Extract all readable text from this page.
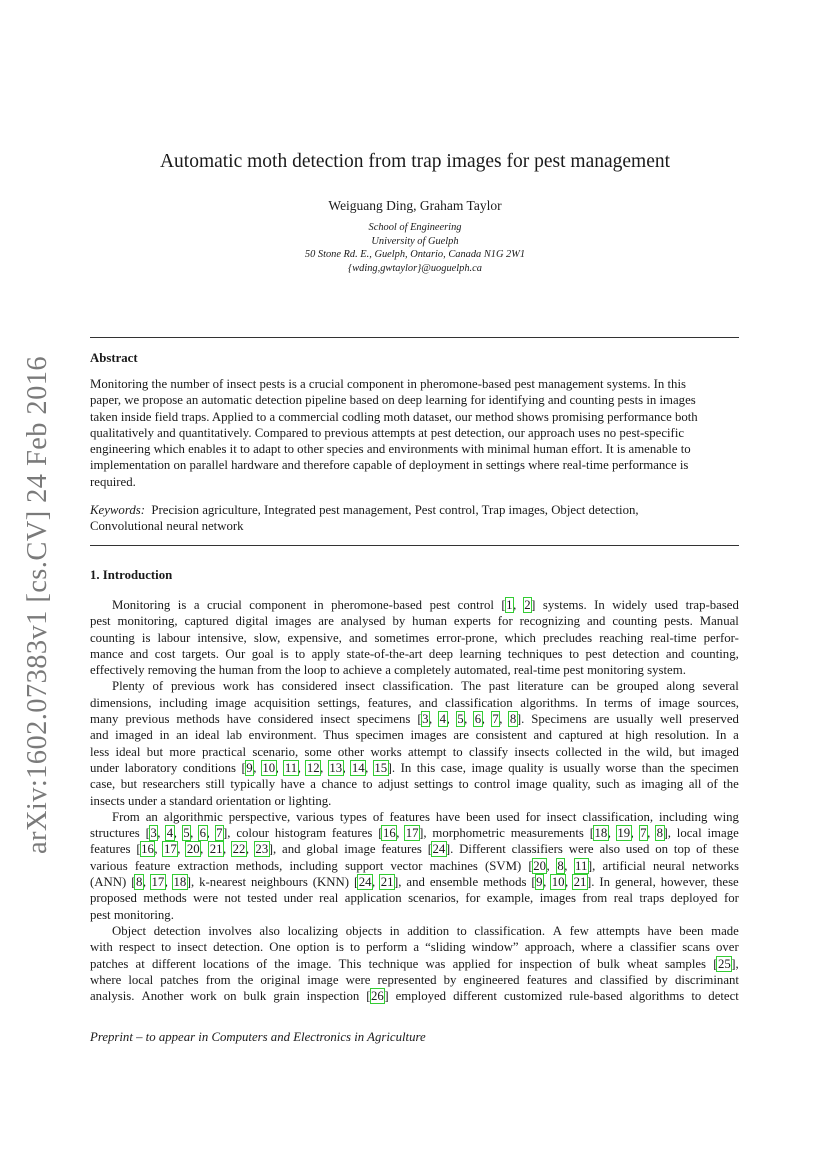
arXiv:1602.07383v1 [cs.CV] 24 Feb 2016
Automatic moth detection from trap images for pest management
Weiguang Ding, Graham Taylor
School of Engineering
University of Guelph
50 Stone Rd. E., Guelph, Ontario, Canada N1G 2W1
{wding,gwtaylor}@uoguelph.ca
Abstract
Monitoring the number of insect pests is a crucial component in pheromone-based pest management systems. In this
paper, we propose an automatic detection pipeline based on deep learning for identifying and counting pests in images
taken inside field traps. Applied to a commercial codling moth dataset, our method shows promising performance both
qualitatively and quantitatively. Compared to previous attempts at pest detection, our approach uses no pest-specific
engineering which enables it to adapt to other species and environments with minimal human effort. It is amenable to
implementation on parallel hardware and therefore capable of deployment in settings where real-time performance is
required.
Keywords: Precision agriculture, Integrated pest management, Pest control, Trap images, Object detection,
Convolutional neural network
1. Introduction
Monitoring is a crucial component in pheromone-based pest control [1, 2] systems. In widely used trap-based
pest monitoring, captured digital images are analysed by human experts for recognizing and counting pests. Manual
counting is labour intensive, slow, expensive, and sometimes error-prone, which precludes reaching real-time perfor-
mance and cost targets. Our goal is to apply state-of-the-art deep learning techniques to pest detection and counting,
effectively
removing
the
human
from
the
loop
to
achieve
a
completely
automated,
real-time
pest
monitoring
system.

Plenty of previous work has considered insect classification. The past literature can be grouped along several
dimensions, including image acquisition settings, features, and classification algorithms. In terms of image sources,
many previous methods have considered insect specimens [3, 4, 5, 6, 7, 8]. Specimens are usually well preserved
and imaged in an ideal lab environment. Thus specimen images are consistent and captured at high resolution. In a
less ideal but more practical scenario, some other works attempt to classify insects collected in the wild, but imaged
under laboratory conditions [9, 10, 11, 12, 13, 14, 15]. In this case, image quality is usually worse than the specimen
case, but researchers still typically have a chance to adjust settings to control image quality, such as imaging all of the
insects
under
a
standard
orientation
or
lighting.

From an algorithmic perspective, various types of features have been used for insect classification, including wing
structures [3, 4, 5, 6, 7], colour histogram features [16, 17], morphometric measurements [18, 19, 7, 8], local image
features [16, 17, 20, 21, 22, 23], and global image features [24]. Different classifiers were also used on top of these
various feature extraction methods, including support vector machines (SVM) [20, 8, 11], artificial neural networks
(ANN) [8, 17, 18], k-nearest neighbours (KNN) [24, 21], and ensemble methods [9, 10, 21]. In general, however, these
proposed methods were not tested under real application scenarios, for example, images from real traps deployed for
pest
monitoring.

Object detection involves also localizing objects in addition to classification. A few attempts have been made
with respect to insect detection. One option is to perform a “sliding window” approach, where a classifier scans over
patches at different locations of the image. This technique was applied for inspection of bulk wheat samples [25],
where local patches from the original image were represented by engineered features and classified by discriminant
analysis. Another work on bulk grain inspection [26] employed different customized rule-based algorithms to detect
Preprint – to appear in Computers and Electronics in Agriculture
